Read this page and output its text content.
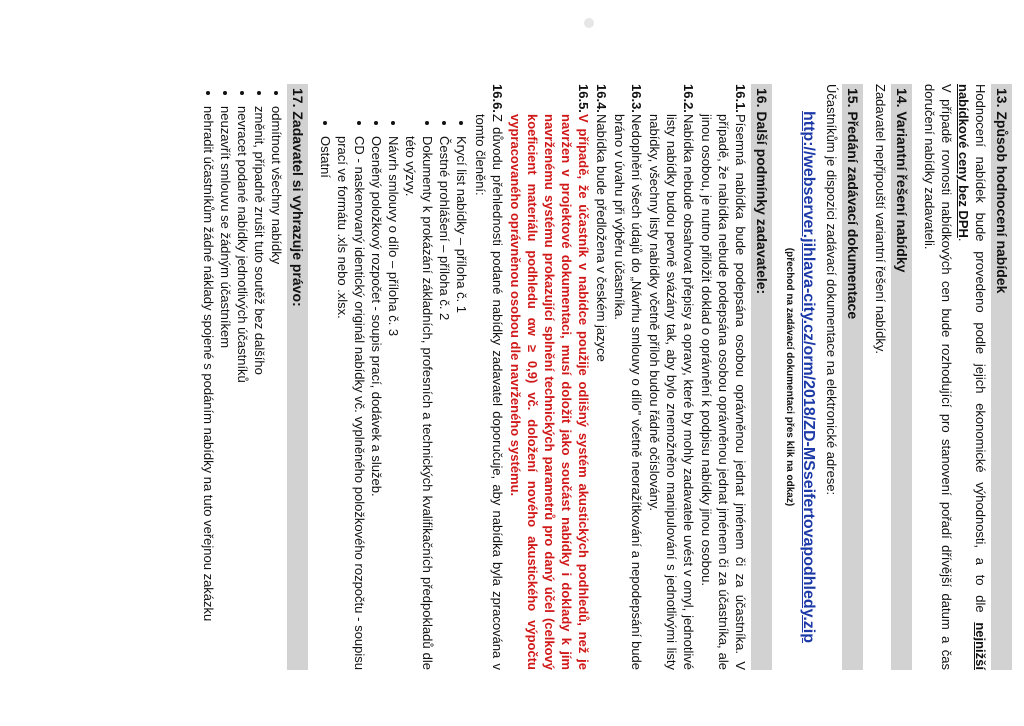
13. Způsob hodnocení nabídek

Hodnocení nabídek bude provedeno podle jejich ekonomické výhodnosti, a to dle nejnižší nabídkové ceny bez DPH.

V případě rovnosti nabídkových cen bude rozhodující pro stanovení pořadí dřívější datum a čas doručení nabídky zadavateli.

14. Variantní řešení nabídky

Zadavatel nepřipouští variantní řešení nabídky.

15. Předání zadávací dokumentace

Účastníkům je dispozici zadávací dokumentace na elektronické adrese:

http://webserver.jihlava-city.cz/orm/2018/ZD-MSseifertovapodhledy.zip
(přechod na zadávací dokumentaci přes klik na odkaz)
16. Další podmínky zadavatele:
16.1.
Písemná nabídka bude podepsána osobou oprávněnou jednat jménem či za účastníka. V případě, že nabídka nebude podepsána osobou oprávněnou jednat jménem či za účastníka, ale jinou osobou, je nutno přiložit doklad o oprávnění k podpisu nabídky jinou osobou.
16.2.
Nabídka nebude obsahovat přepisy a opravy, které by mohly zadavatele uvést v omyl, jednotlivé listy nabídky budou pevně svázány tak, aby bylo znemožněno manipulování s jednotlivými listy nabídky, všechny listy nabídky včetně příloh budou řádně očíslovány.
16.3.
Nedoplnění všech údajů do „Návrhu smlouvy o dílo" včetně neoražítkování a nepodepsání bude bráno v úvahu při výběru účastníka.
16.4.
Nabídka bude předložena v českém jazyce
16.5.
V případě, že účastník v nabídce použije odlišný systém akustických podhledů, než je navržen v projektové dokumentaci, musí doložit jako součást nabídky i doklady k jím navrženému systému prokazující splnění technických parametrů pro daný účel (celkový koeficient materiálu podhledu αw ≥ 0,9) vč. doložení nového akustického výpočtu vypracovaného oprávněnou osobou dle navrženého systému.
16.6.
Z důvodu přehlednosti podané nabídky zadavatel doporučuje, aby nabídka byla zpracována v tomto členění:
• Krycí list nabídky – příloha č. 1
• Čestné prohlášení – příloha č. 2
• Dokumenty k prokázání základních, profesních a technických kvalifikačních předpokladů dle této výzvy.
• Návrh smlouvy o dílo – příloha č. 3
• Oceněný položkový rozpočet - soupis prací, dodávek a služeb.
• CD - naskenovaný identický originál nabídky vč. vyplněného položkového rozpočtu - soupisu prací ve formátu .xls nebo .xlsx.
• Ostatní
17. Zadavatel si vyhrazuje právo:
• odmítnout všechny nabídky
• změnit, případně zrušit tuto soutěž bez dalšího
• nevracet podané nabídky jednotlivých účastníků
• neuzavřít smlouvu se žádným účastníkem
• nehradit účastníkům žádné náklady spojené s podáním nabídky na tuto veřejnou zakázku
